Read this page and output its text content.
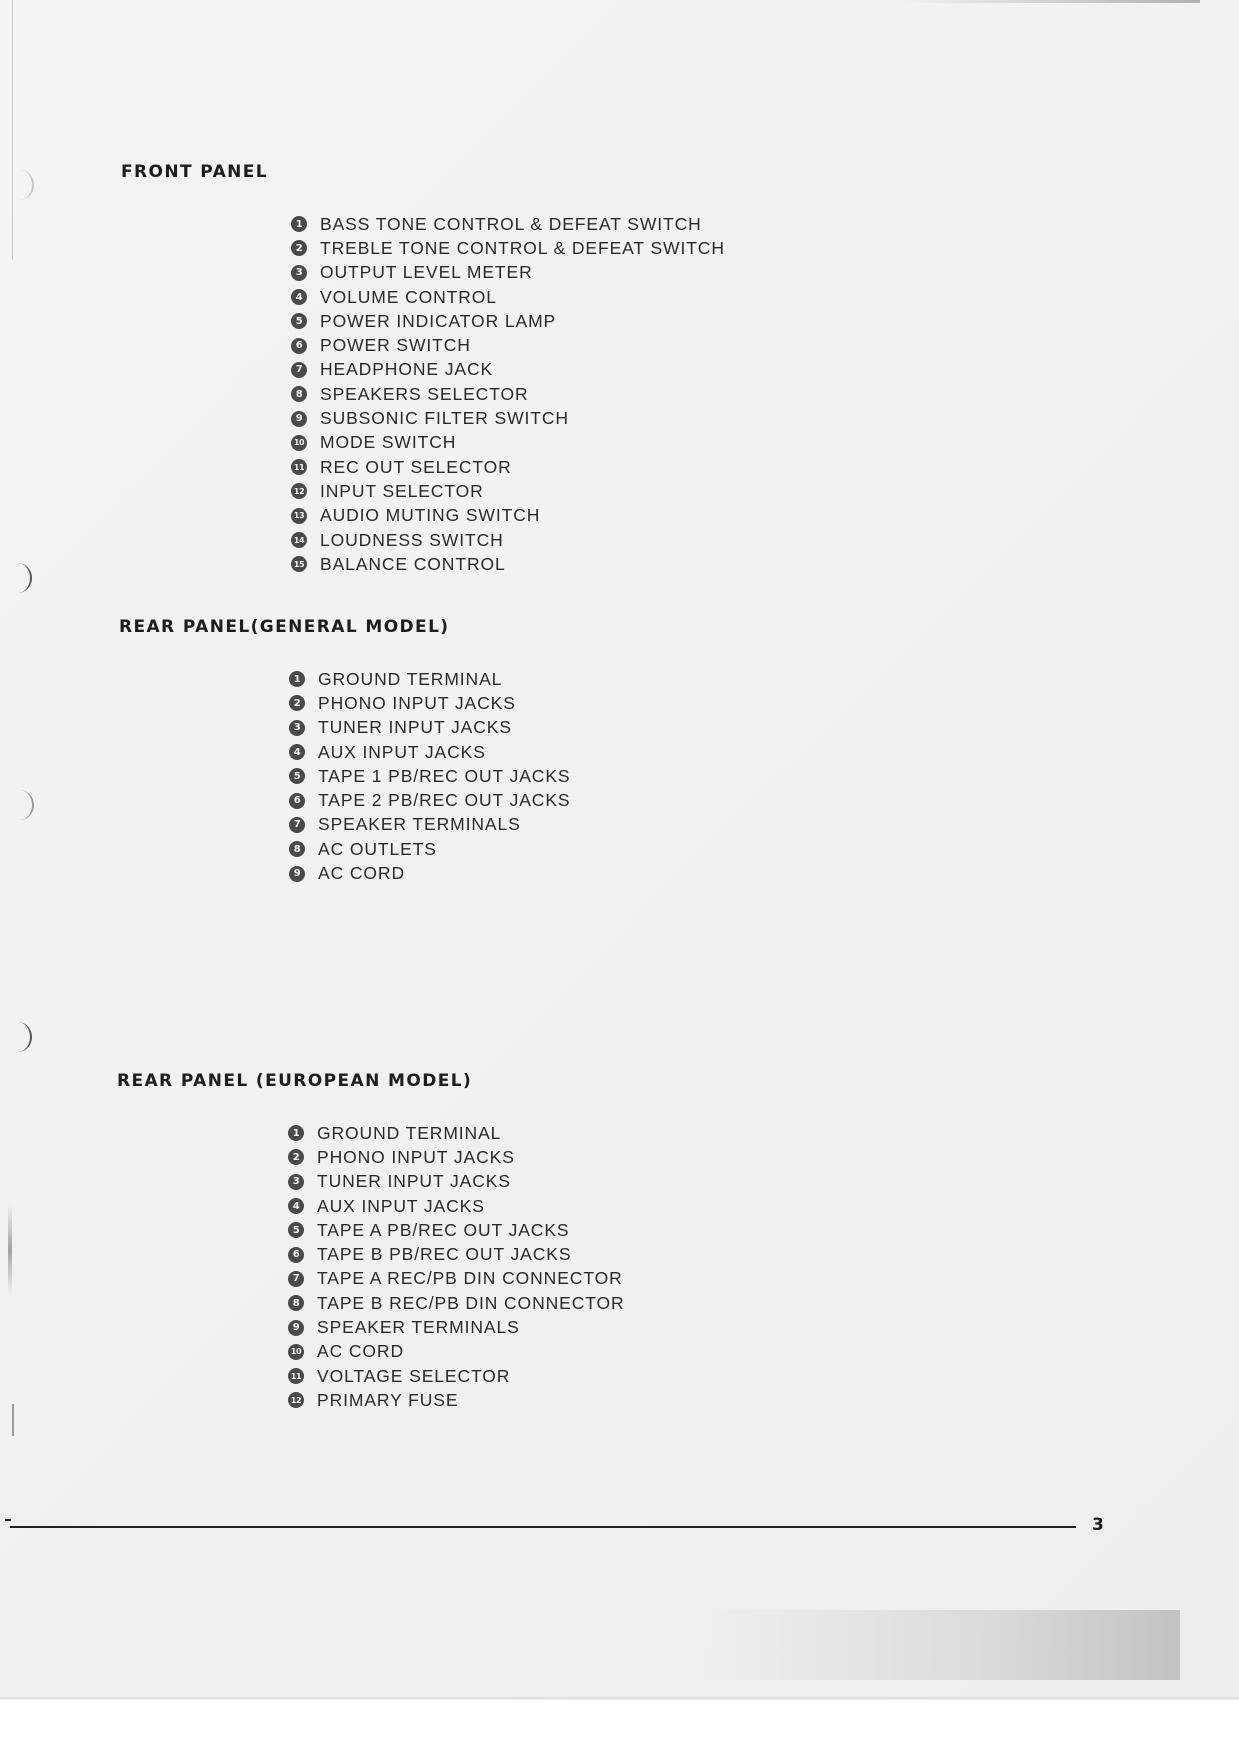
FRONT PANEL
1 BASS TONE CONTROL & DEFEAT SWITCH
2 TREBLE TONE CONTROL & DEFEAT SWITCH
3 OUTPUT LEVEL METER
4 VOLUME CONTROL
5 POWER INDICATOR LAMP
6 POWER SWITCH
7 HEADPHONE JACK
8 SPEAKERS SELECTOR
9 SUBSONIC FILTER SWITCH
10 MODE SWITCH
11 REC OUT SELECTOR
12 INPUT SELECTOR
13 AUDIO MUTING SWITCH
14 LOUDNESS SWITCH
15 BALANCE CONTROL
REAR PANEL(GENERAL MODEL)
1 GROUND TERMINAL
2 PHONO INPUT JACKS
3 TUNER INPUT JACKS
4 AUX INPUT JACKS
5 TAPE 1 PB/REC OUT JACKS
6 TAPE 2 PB/REC OUT JACKS
7 SPEAKER TERMINALS
8 AC OUTLETS
9 AC CORD
REAR PANEL (EUROPEAN MODEL)
1 GROUND TERMINAL
2 PHONO INPUT JACKS
3 TUNER INPUT JACKS
4 AUX INPUT JACKS
5 TAPE A PB/REC OUT JACKS
6 TAPE B PB/REC OUT JACKS
7 TAPE A REC/PB DIN CONNECTOR
8 TAPE B REC/PB DIN CONNECTOR
9 SPEAKER TERMINALS
10 AC CORD
11 VOLTAGE SELECTOR
12 PRIMARY FUSE
3
